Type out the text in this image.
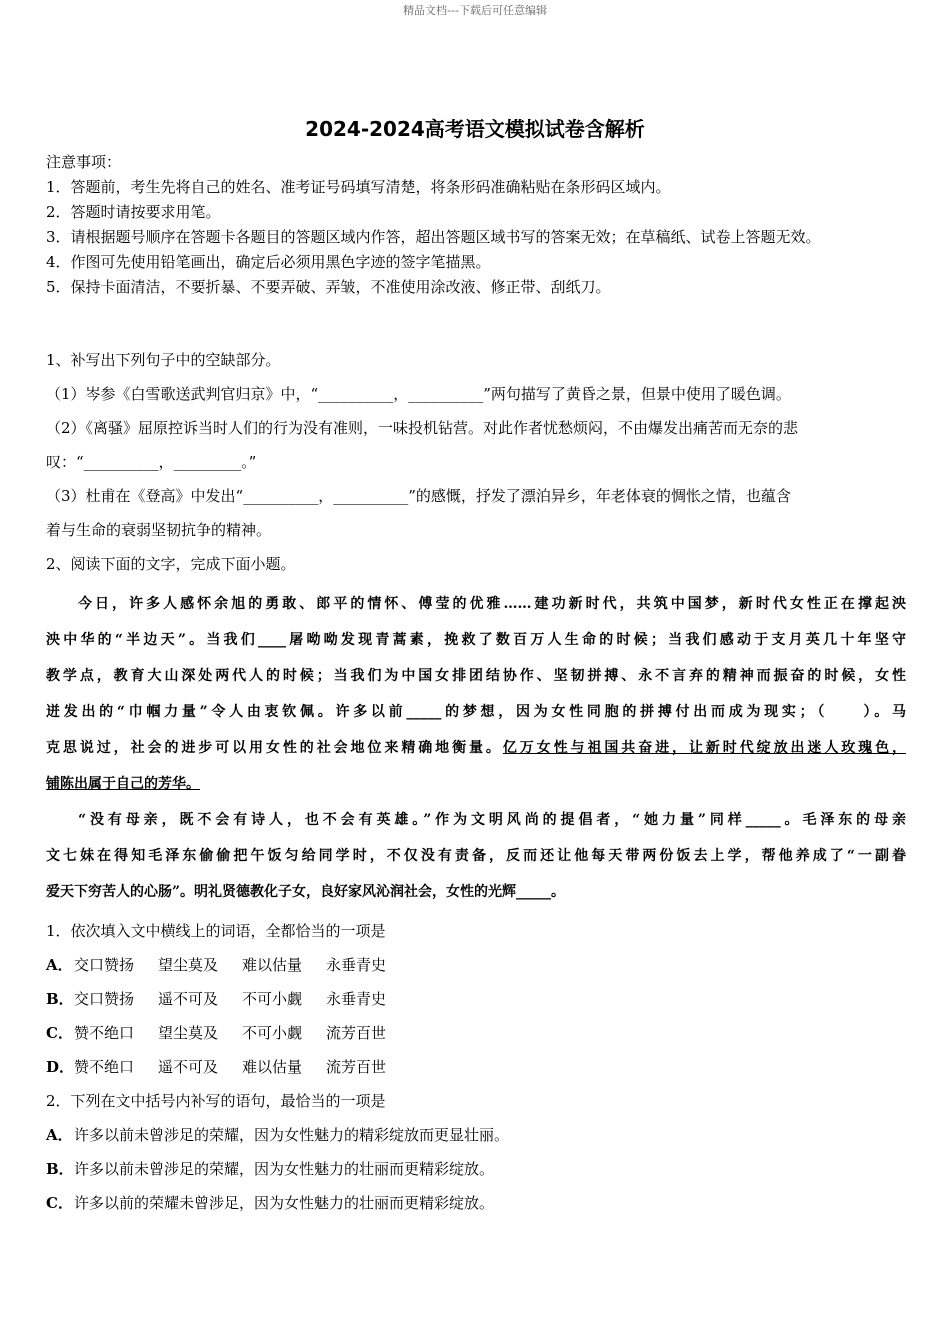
精品文档---下载后可任意编辑
2024-2024高考语文模拟试卷含解析
注意事项：
1．答题前，考生先将自己的姓名、准考证号码填写清楚，将条形码准确粘贴在条形码区域内。
2．答题时请按要求用笔。
3．请根据题号顺序在答题卡各题目的答题区域内作答，超出答题区域书写的答案无效；在草稿纸、试卷上答题无效。
4．作图可先使用铅笔画出，确定后必须用黑色字迹的签字笔描黑。
5．保持卡面清洁，不要折暴、不要弄破、弄皱，不准使用涂改液、修正带、刮纸刀。
1、补写出下列句子中的空缺部分。
（1）岑参《白雪歌送武判官归京》中，“__________，__________”两句描写了黄昏之景，但景中使用了暖色调。
（2）《离骚》屈原控诉当时人们的行为没有准则，一味投机钻营。对此作者忧愁烦闷，不由爆发出痛苦而无奈的悲
叹：“__________，_________。”
（3）杜甫在《登高》中发出“__________，__________”的感慨，抒发了漂泊异乡，年老体衰的惆怅之情，也蕴含
着与生命的衰弱坚韧抗争的精神。
2、阅读下面的文字，完成下面小题。
今日，许多人感怀余旭的勇敢、郎平的情怀、傅莹的优雅……建功新时代，共筑中国梦，新时代女性正在撑起泱
泱中华的“半边天”。当我们____屠呦呦发现青蒿素，挽救了数百万人生命的时候；当我们感动于支月英几十年坚守
教学点，教育大山深处两代人的时候；当我们为中国女排团结协作、坚韧拼搏、永不言弃的精神而振奋的时候，女性
迸发出的“巾帼力量”令人由衷钦佩。许多以前_____的梦想，因为女性同胞的拼搏付出而成为现实；（　　）。马
克思说过，社会的进步可以用女性的社会地位来精确地衡量。亿万女性与祖国共奋进，让新时代绽放出迷人玫瑰色，
铺陈出属于自己的芳华。
“没有母亲，既不会有诗人，也不会有英雄。”作为文明风尚的提倡者，“她力量”同样_____。毛泽东的母亲
文七妹在得知毛泽东偷偷把午饭匀给同学时，不仅没有责备，反而还让他每天带两份饭去上学，帮他养成了“一副眷
爱天下穷苦人的心肠”。明礼贤德教化子女，良好家风沁润社会，女性的光辉_____。
1．依次填入文中横线上的词语，全都恰当的一项是
A．交口赞扬 望尘莫及 难以估量 永垂青史
B．交口赞扬 遥不可及 不可小觑 永垂青史
C．赞不绝口 望尘莫及 不可小觑 流芳百世
D．赞不绝口 遥不可及 难以估量 流芳百世
2．下列在文中括号内补写的语句，最恰当的一项是
A．许多以前未曾涉足的荣耀，因为女性魅力的精彩绽放而更显壮丽。
B．许多以前未曾涉足的荣耀，因为女性魅力的壮丽而更精彩绽放。
C．许多以前的荣耀未曾涉足，因为女性魅力的壮丽而更精彩绽放。
